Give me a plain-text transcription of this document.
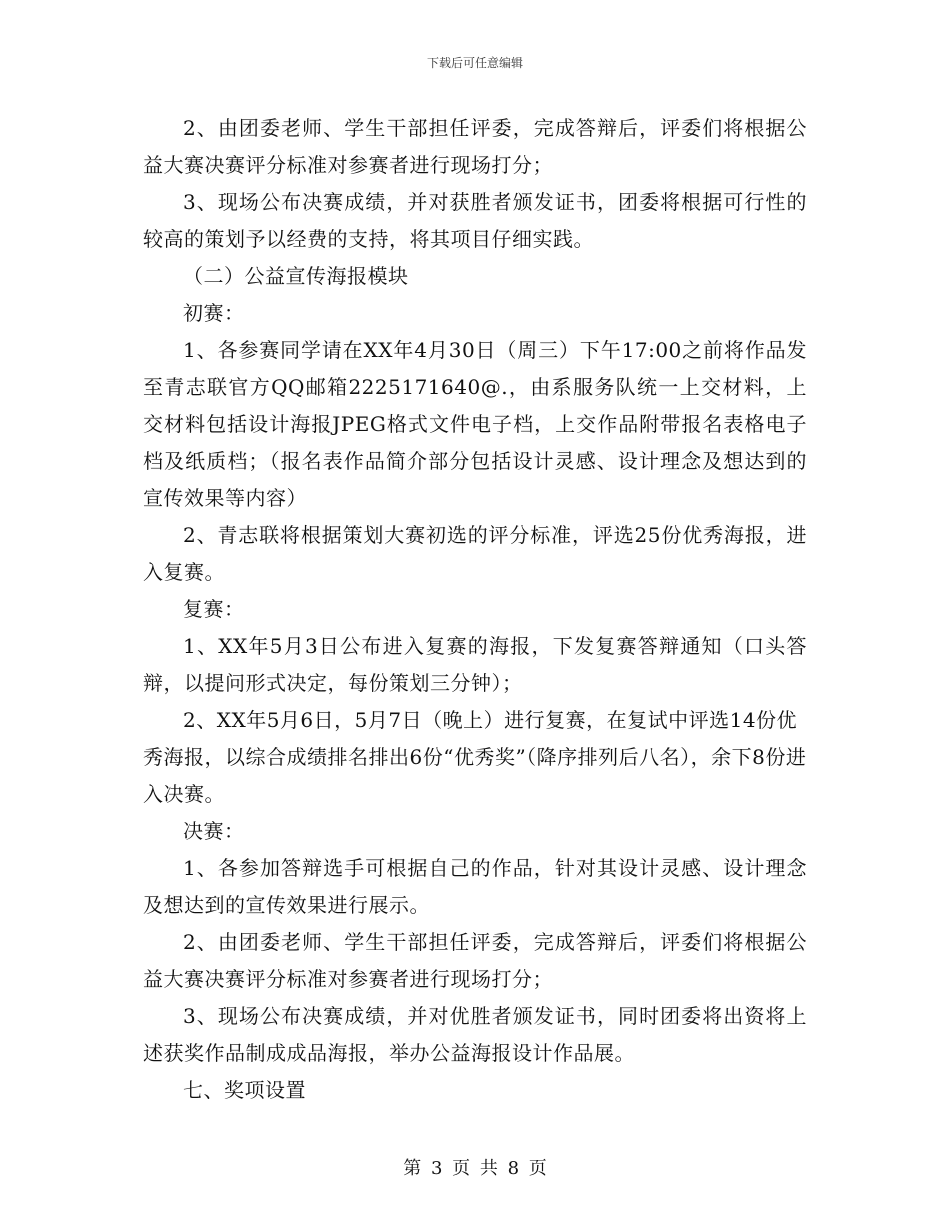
下载后可任意编辑

2、由团委老师、学生干部担任评委，完成答辩后，评委们将根据公益大赛决赛评分标准对参赛者进行现场打分；

3、现场公布决赛成绩，并对获胜者颁发证书，团委将根据可行性的较高的策划予以经费的支持，将其项目仔细实践。

（二）公益宣传海报模块

初赛：

1、各参赛同学请在XX年4月30日（周三）下午17:00之前将作品发至青志联官方QQ邮箱2225171640@.，由系服务队统一上交材料，上交材料包括设计海报JPEG格式文件电子档，上交作品附带报名表格电子档及纸质档；（报名表作品简介部分包括设计灵感、设计理念及想达到的宣传效果等内容）

2、青志联将根据策划大赛初选的评分标准，评选25份优秀海报，进入复赛。

复赛：

1、XX年5月3日公布进入复赛的海报，下发复赛答辩通知（口头答辩，以提问形式决定，每份策划三分钟）；

2、XX年5月6日，5月7日（晚上）进行复赛，在复试中评选14份优秀海报，以综合成绩排名排出6份“优秀奖”（降序排列后八名），余下8份进入决赛。

决赛：

1、各参加答辩选手可根据自己的作品，针对其设计灵感、设计理念及想达到的宣传效果进行展示。

2、由团委老师、学生干部担任评委，完成答辩后，评委们将根据公益大赛决赛评分标准对参赛者进行现场打分；

3、现场公布决赛成绩，并对优胜者颁发证书，同时团委将出资将上述获奖作品制成成品海报，举办公益海报设计作品展。

七、奖项设置

第 3 页 共 8 页
